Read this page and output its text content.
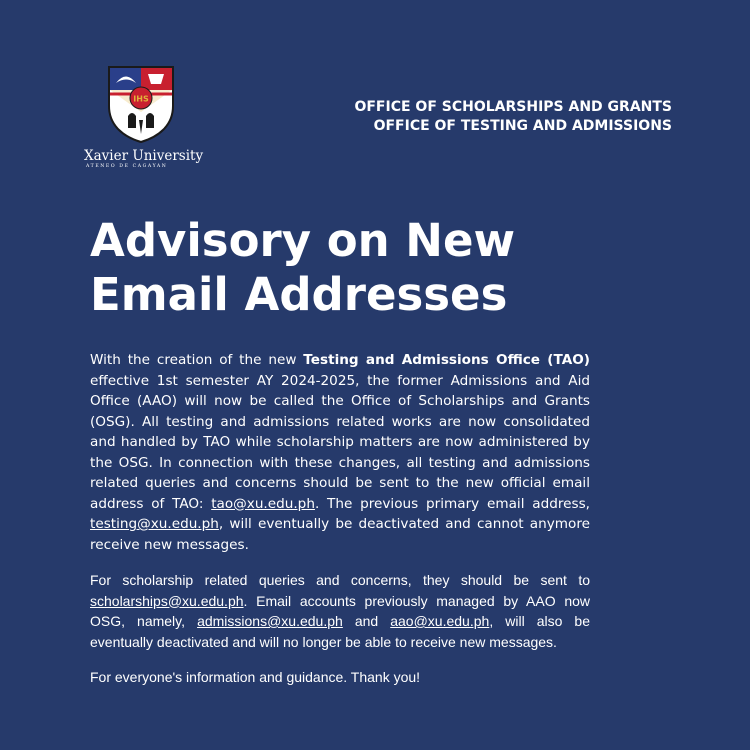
IHS
Xavier University
ATENEO DE CAGAYAN
OFFICE OF SCHOLARSHIPS AND GRANTS
OFFICE OF TESTING AND ADMISSIONS
Advisory on New
Email Addresses

With the creation of the new Testing and Admissions Office (TAO) effective 1st semester AY 2024-2025, the former Admissions and Aid Office (AAO) will now be called the Office of Scholarships and Grants (OSG). All testing and admissions related works are now consolidated and handled by TAO while scholarship matters are now administered by the OSG. In connection with these changes, all testing and admissions related queries and concerns should be sent to the new official email address of TAO: tao@xu.edu.ph. The previous primary email address, testing@xu.edu.ph, will eventually be deactivated and cannot anymore receive new messages.

For scholarship related queries and concerns, they should be sent to scholarships@xu.edu.ph. Email accounts previously managed by AAO now OSG, namely, admissions@xu.edu.ph and aao@xu.edu.ph, will also be eventually deactivated and will no longer be able to receive new messages.

For everyone's information and guidance. Thank you!
